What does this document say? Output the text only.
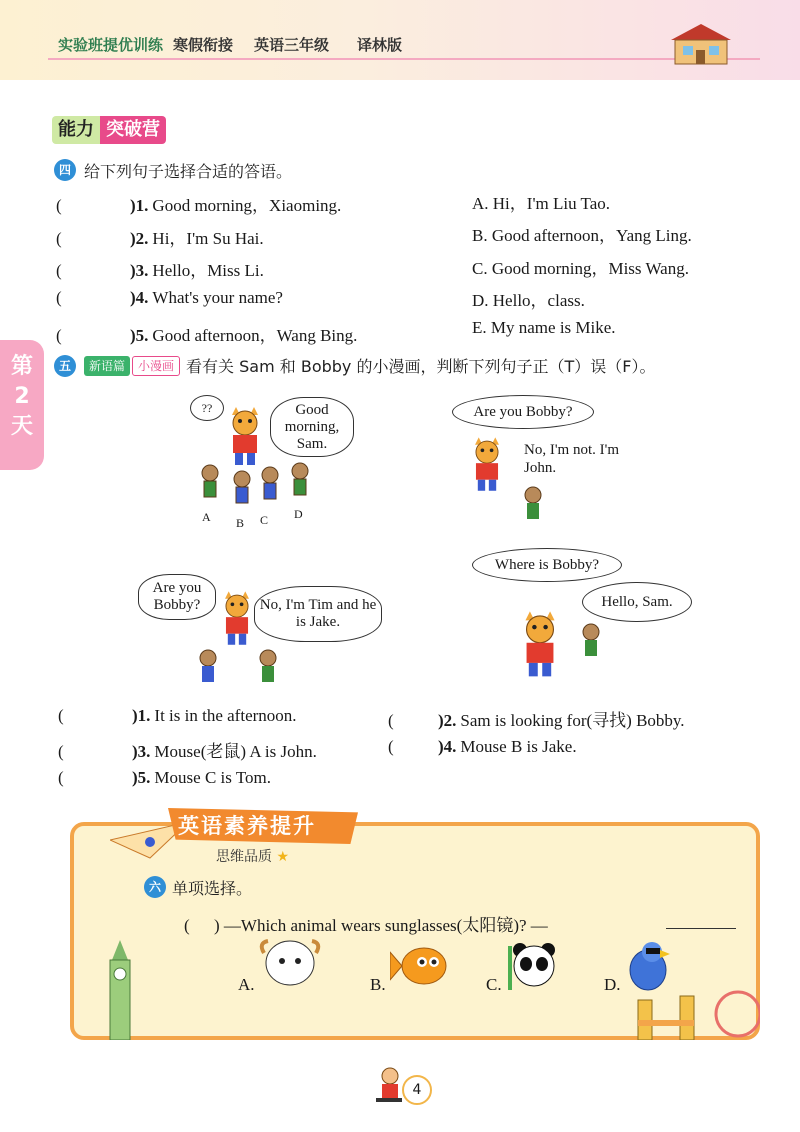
实验班提优训练 寒假衔接 英语三年级 译林版
第2天
能力 突破营
四 给下列句子选择合适的答语。
(	)1. Good morning，Xiaoming.
(	)2. Hi，I'm Su Hai.
(	)3. Hello，Miss Li.
(	)4. What's your name?
(	)5. Good afternoon，Wang Bing.
A. Hi，I'm Liu Tao.
B. Good afternoon，Yang Ling.
C. Good morning，Miss Wang.
D. Hello，class.
E. My name is Mike.
五	新语篇	小漫画 看有关 Sam 和 Bobby 的小漫画，判断下列句子正（T）误（F）。
??	Good morning, Sam.
A B C D
Are you Bobby?
No, I'm not. I'm John.
Are you Bobby?	No, I'm Tim and he is Jake.
Where is Bobby?
Hello, Sam.
(	)1. It is in the afternoon.	(	)2. Sam is looking for(寻找) Bobby.
(	)3. Mouse(老鼠) A is John.	(	)4. Mouse B is Jake.
(	)5. Mouse C is Tom.
英语素养提升
思维品质 ★
六 单项选择。
( ) —Which animal wears sunglasses(太阳镜)? —
A.	B.	C.	D.
4
